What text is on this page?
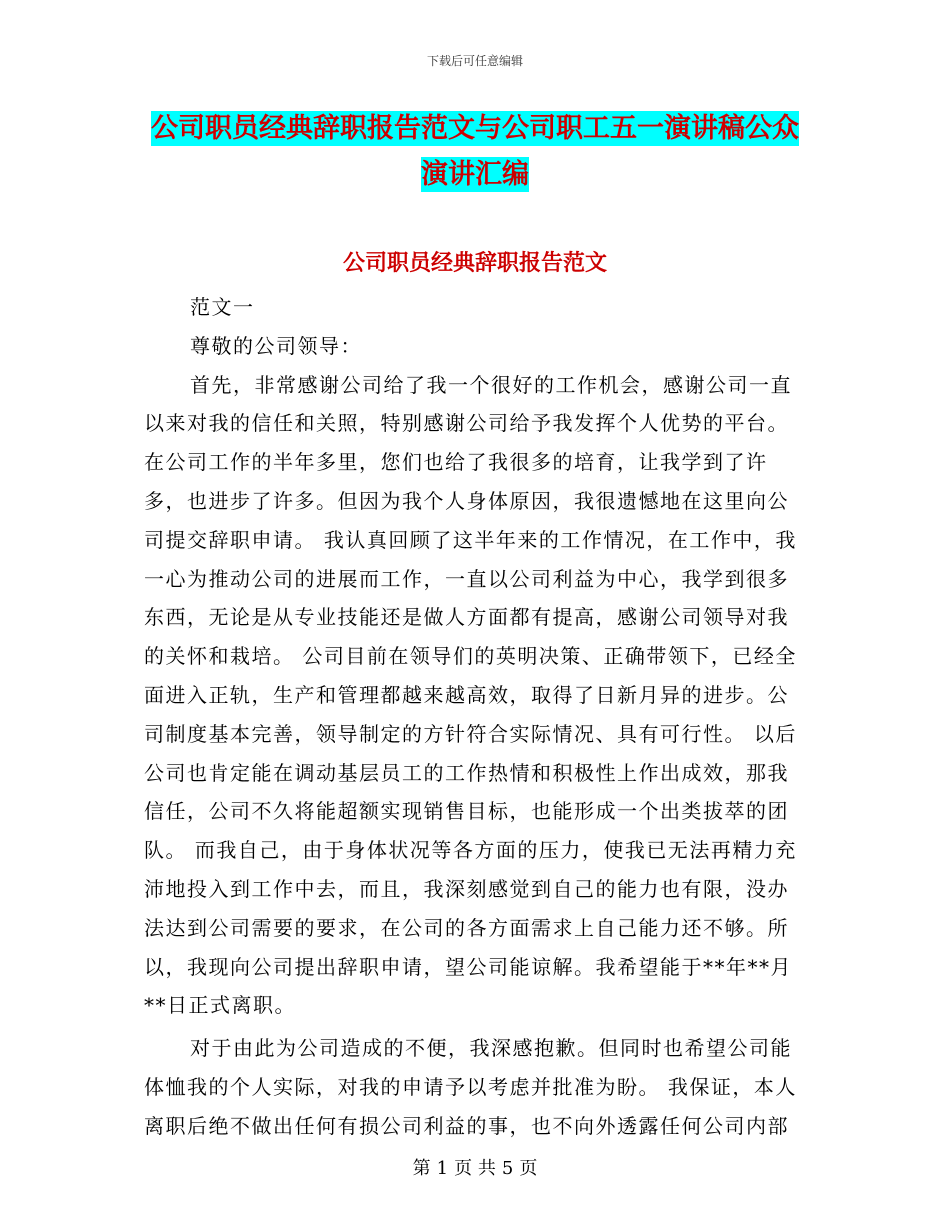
下载后可任意编辑
公司职员经典辞职报告范文与公司职工五一演讲稿公众演讲汇编
公司职员经典辞职报告范文

范文一

尊敬的公司领导：

首先，非常感谢公司给了我一个很好的工作机会，感谢公司一直以来对我的信任和关照，特别感谢公司给予我发挥个人优势的平台。在公司工作的半年多里，您们也给了我很多的培育，让我学到了许多，也进步了许多。但因为我个人身体原因，我很遗憾地在这里向公司提交辞职申请。 我认真回顾了这半年来的工作情况，在工作中，我一心为推动公司的进展而工作，一直以公司利益为中心，我学到很多东西，无论是从专业技能还是做人方面都有提高，感谢公司领导对我的关怀和栽培。 公司目前在领导们的英明决策、正确带领下，已经全面进入正轨，生产和管理都越来越高效，取得了日新月异的进步。公司制度基本完善，领导制定的方针符合实际情况、具有可行性。 以后公司也肯定能在调动基层员工的工作热情和积极性上作出成效，那我信任，公司不久将能超额实现销售目标，也能形成一个出类拔萃的团队。 而我自己，由于身体状况等各方面的压力，使我已无法再精力充沛地投入到工作中去，而且，我深刻感觉到自己的能力也有限，没办法达到公司需要的要求，在公司的各方面需求上自己能力还不够。所以，我现向公司提出辞职申请，望公司能谅解。我希望能于**年**月**日正式离职。

对于由此为公司造成的不便，我深感抱歉。但同时也希望公司能体恤我的个人实际，对我的申请予以考虑并批准为盼。 我保证，本人离职后绝不做出任何有损公司利益的事，也不向外透露任何公司内部

第 1 页 共 5 页
